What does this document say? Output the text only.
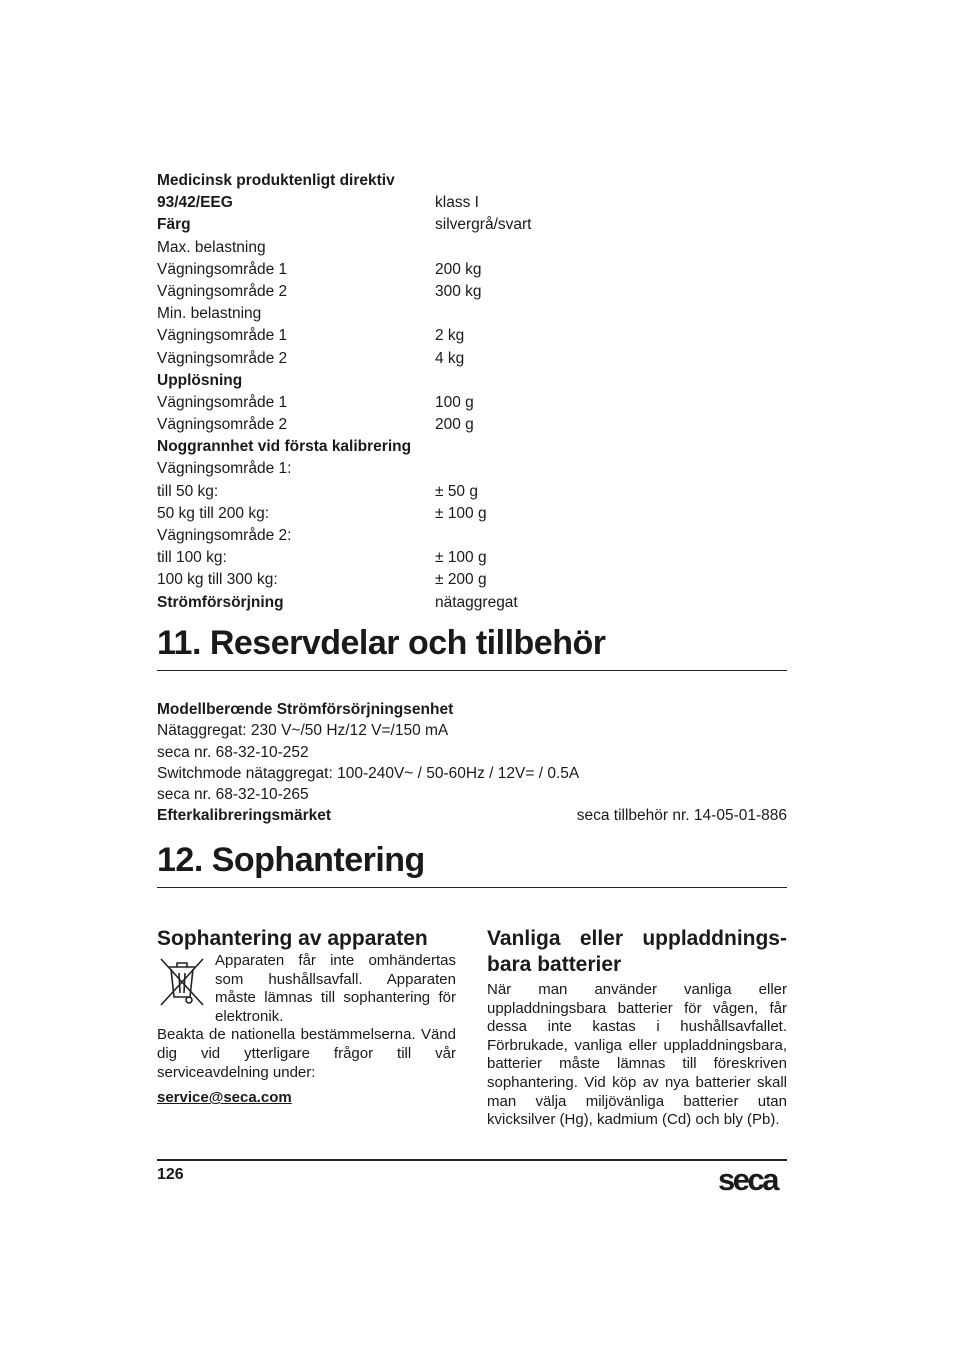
Medicinsk produktenligt direktiv
93/42/EEG	klass I
Färg	silvergrå/svart
Max. belastning
Vägningsområde 1	200 kg
Vägningsområde 2	300 kg
Min. belastning
Vägningsområde 1	2 kg
Vägningsområde 2	4 kg
Upplösning
Vägningsområde 1	100 g
Vägningsområde 2	200 g
Noggrannhet vid första kalibrering
Vägningsområde 1:
till 50 kg:	± 50 g
50 kg till 200 kg:	± 100 g
Vägningsområde 2:
till 100 kg:	± 100 g
100 kg till 300 kg:	± 200 g
Strömförsörjning	nätaggregat
11. Reservdelar och tillbehör
Modellberœnde Strömförsörjningsenhet
Nätaggregat: 230 V~/50 Hz/12 V=/150 mA
seca nr. 68-32-10-252
Switchmode nätaggregat: 100-240V~ / 50-60Hz / 12V= / 0.5A
seca nr. 68-32-10-265
Efterkalibreringsmärket	seca tillbehör nr. 14-05-01-886
12. Sophantering
Sophantering av apparaten

Apparaten får inte omhändertas som hushållsavfall. Apparaten måste lämnas till sophantering för elektronik.

Beakta de nationella bestämmelserna. Vänd dig vid ytterligare frågor till vår serviceavdelning under:

service@seca.com
Vanliga eller uppladdningsbara batterier

När man använder vanliga eller uppladdningsbara batterier för vågen, får dessa inte kastas i hushållsavfallet. Förbrukade, vanliga eller uppladdningsbara, batterier måste lämnas till föreskriven sophantering. Vid köp av nya batterier skall man välja miljövänliga batterier utan kvicksilver (Hg), kadmium (Cd) och bly (Pb).

126	seca
